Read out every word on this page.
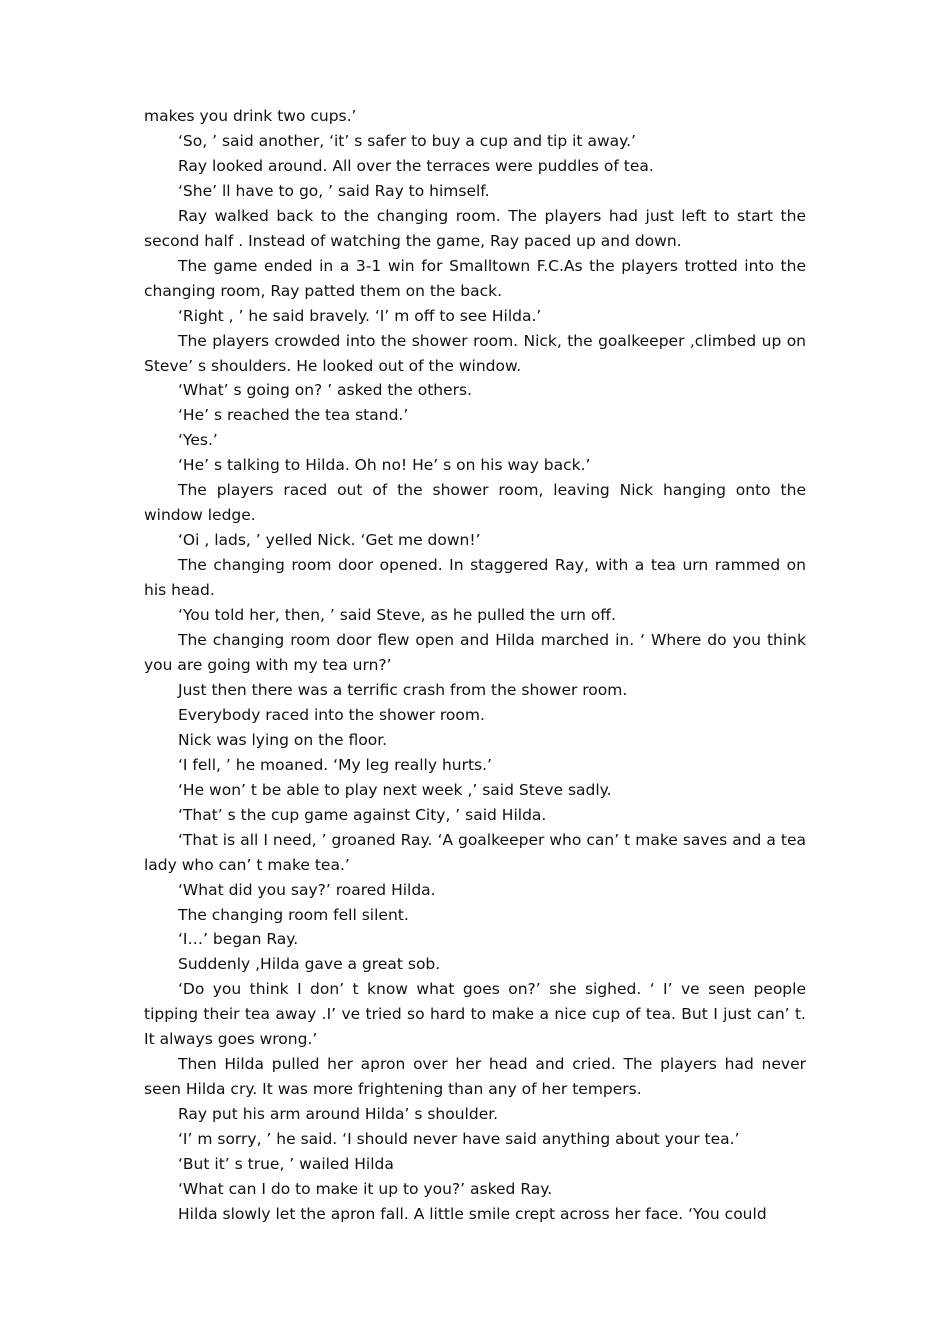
makes you drink two cups.’

‘So, ’ said another, ‘it’ s safer to buy a cup and tip it away.’

Ray looked around. All over the terraces were puddles of tea.

‘She’ ll have to go, ’ said Ray to himself.

Ray walked back to the changing room. The players had just left to start the second half . Instead of watching the game, Ray paced up and down.

The game ended in a 3-1 win for Smalltown F.C.As the players trotted into the changing room, Ray patted them on the back.

‘Right , ’ he said bravely. ‘I’ m off to see Hilda.’

The players crowded into the shower room. Nick, the goalkeeper ,climbed up on Steve’ s shoulders. He looked out of the window.

‘What’ s going on? ’ asked the others.

‘He’ s reached the tea stand.’

‘Yes.’

‘He’ s talking to Hilda. Oh no! He’ s on his way back.’

The players raced out of the shower room, leaving Nick hanging onto the window ledge.

‘Oi , lads, ’ yelled Nick. ‘Get me down!’

The changing room door opened. In staggered Ray, with a tea urn rammed on his head.

‘You told her, then, ’ said Steve, as he pulled the urn off.

The changing room door flew open and Hilda marched in. ‘ Where do you think you are going with my tea urn?’

Just then there was a terrific crash from the shower room.

Everybody raced into the shower room.

Nick was lying on the floor.

‘I fell, ’ he moaned. ‘My leg really hurts.’

‘He won’ t be able to play next week ,’ said Steve sadly.

‘That’ s the cup game against City, ’ said Hilda.

‘That is all I need, ’ groaned Ray. ‘A goalkeeper who can’ t make saves and a tea lady who can’ t make tea.’

‘What did you say?’ roared Hilda.

The changing room fell silent.

‘I…’ began Ray.

Suddenly ,Hilda gave a great sob.

‘Do you think I don’ t know what goes on?’ she sighed. ‘ I’ ve seen people tipping their tea away .I’ ve tried so hard to make a nice cup of tea. But I just can’ t. It always goes wrong.’

Then Hilda pulled her apron over her head and cried. The players had never seen Hilda cry. It was more frightening than any of her tempers.

Ray put his arm around Hilda’ s shoulder.

‘I’ m sorry, ’ he said. ‘I should never have said anything about your tea.’

‘But it’ s true, ’ wailed Hilda

‘What can I do to make it up to you?’ asked Ray.

Hilda slowly let the apron fall. A little smile crept across her face. ‘You could
